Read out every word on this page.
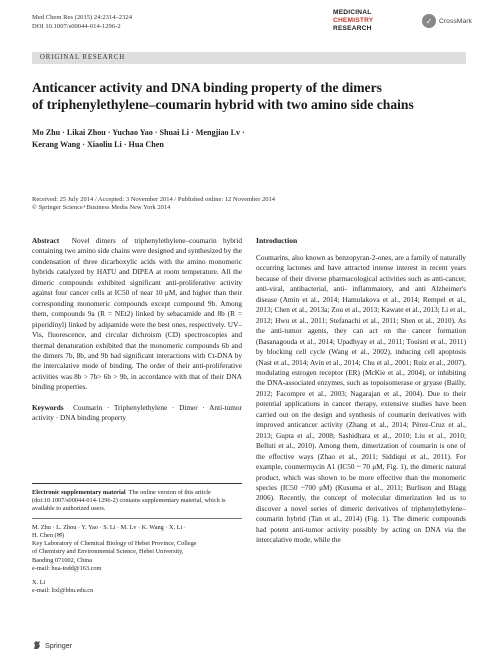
Med Chem Res (2015) 24:2314–2324
DOI 10.1007/s00044-014-1296-2
MEDICINAL
CHEMISTRY
RESEARCH
✓ CrossMark
ORIGINAL RESEARCH
Anticancer activity and DNA binding property of the dimers
of triphenylethylene–coumarin hybrid with two amino side chains
Mo Zhu · Likai Zhou · Yuchao Yao · Shuai Li · Mengjiao Lv ·
Kerang Wang · Xiaoliu Li · Hua Chen
Received: 25 July 2014 / Accepted: 3 November 2014 / Published online: 12 November 2014
© Springer Science+Business Media New York 2014

Abstract Novel dimers of triphenylethylene–coumarin hybrid containing two amino side chains were designed and synthesized by the condensation of three dicarboxylic acids with the amino monomeric hybrids catalyzed by HATU and DIPEA at room temperature. All the dimeric compounds exhibited significant anti-proliferative activity against four cancer cells at IC50 of near 10 μM, and higher than their corresponding monomeric compounds except compound 9b. Among them, compounds 9a (R = NEt2) linked by sebacamide and 8b (R = piperidinyl) linked by adipamide were the best ones, respectively. UV–Vis, fluorescence, and circular dichroism (CD) spectroscopies and thermal denaturation exhibited that the monomeric compounds 6b and the dimers 7b, 8b, and 9b had significant interactions with Ct-DNA by the intercalative mode of binding. The order of their anti-proliferative activities was 8b > 7b> 6b > 9b, in accordance with that of their DNA binding properties.

Keywords Coumarin · Triphenylethylene · Dimer · Anti-tumor activity · DNA binding property

Electronic supplementary material The online version of this article (doi:10.1007/s00044-014-1296-2) contains supplementary material, which is available to authorized users.
M. Zhu · L. Zhou · Y. Yao · S. Li · M. Lv · K. Wang · X. Li ·
H. Chen (✉)
Key Laboratory of Chemical Biology of Hebei Province, College
of Chemistry and Environmental Science, Hebei University,
Baoding 071002, China
e-mail: hua-todd@163.com
X. Li
e-mail: lixl@hbu.edu.cn
Introduction

Coumarins, also known as benzopyran-2-ones, are a family of naturally occurring lactones and have attracted intense interest in recent years because of their diverse pharmacological activities such as anti-cancer, anti-viral, antibacterial, anti- inflammatory, and anti Alzheimer's disease (Amin et al., 2014; Hamulakova et al., 2014; Rempel et al., 2013; Chen et al., 2013a; Zou et al., 2013; Kawate et al., 2013; Li et al., 2012; Hwu et al., 2011; Stefanachi et al., 2011; Shen et al., 2010). As the anti-tumor agents, they can act on the cancer formation (Basanagouda et al., 2014; Upadhyay et al., 2011; Touisni et al., 2011) by blocking cell cycle (Wang et al., 2002), inducing cell apoptosis (Nast et al., 2014; Avin et al., 2014; Chu et al., 2001; Ruiz et al., 2007), modulating estrogen receptor (ER) (McKie et al., 2004), or inhibiting the DNA-associated enzymes, such as topoisomerase or gryase (Bailly, 2012; Facompre et al., 2003; Nagarajan et al., 2004). Due to their potential applications in cancer therapy, extensive studies have been carried out on the design and synthesis of coumarin derivatives with improved anticancer activity (Zhang et al., 2014; Pérez-Cruz et al., 2013; Gupta et al., 2008; Sashidhara et al., 2010; Liu et al., 2010; Belluti et al., 2010). Among them, dimerization of coumarin is one of the effective ways (Zhao et al., 2011; Siddiqui et al., 2011). For example, coumermycin A1 (IC50 ~ 70 μM, Fig. 1), the dimeric natural product, which was shown to be more effective than the monomeric species (IC50 ~700 μM) (Kusuma et al., 2011; Burlison and Blagg 2006). Recently, the concept of molecular dimerization led us to discover a novel series of dimeric derivatives of triphenylethylene–coumarin hybrid (Tan et al., 2014) (Fig. 1). The dimeric compounds had potent anti-tumor activity possibly by acting on DNA via the intercalative mode, while the

Springer
